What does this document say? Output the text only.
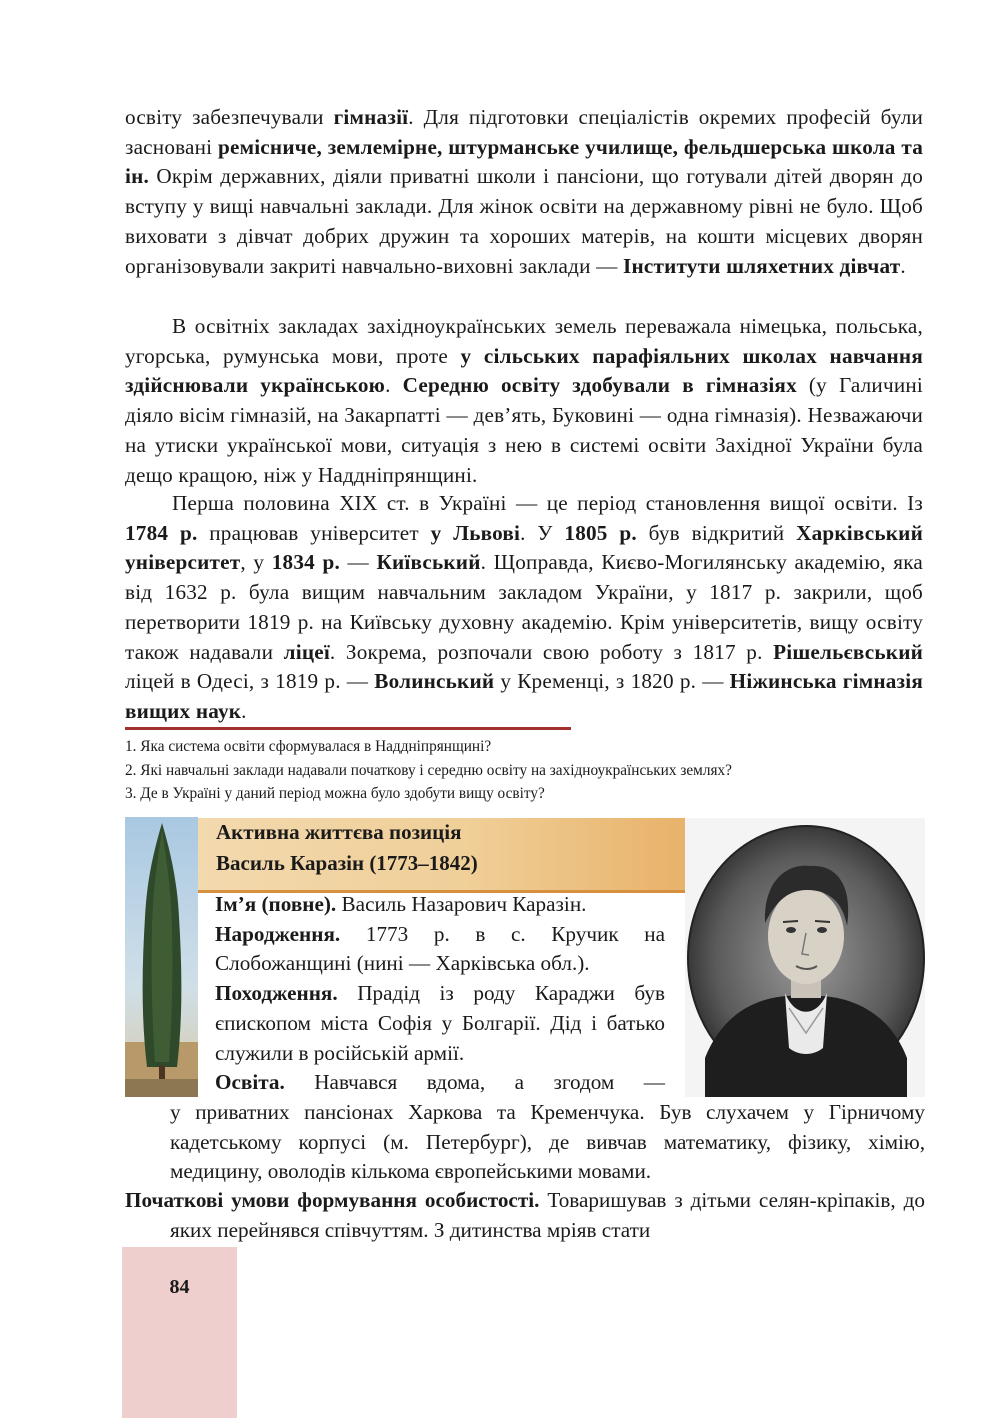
освіту забезпечували гімназії. Для підготовки спеціалістів окремих професій були засновані ремісниче, землемірне, штурманське училище, фельдшерська школа та ін. Окрім державних, діяли приватні школи і пансіони, що готували дітей дворян до вступу у вищі навчальні заклади. Для жінок освіти на державному рівні не було. Щоб виховати з дівчат добрих дружин та хороших матерів, на кошти місцевих дворян організовували закриті навчально-виховні заклади — Інститути шляхетних дівчат.

В освітніх закладах західноукраїнських земель переважала німецька, польська, угорська, румунська мови, проте у сільських парафіяльних школах навчання здійснювали українською. Середню освіту здобували в гімназіях (у Галичині діяло вісім гімназій, на Закарпатті — дев’ять, Буковині — одна гімназія). Незважаючи на утиски української мови, ситуація з нею в системі освіти Західної України була дещо кращою, ніж у Наддніпрянщині.

Перша половина ХІХ ст. в Україні — це період становлення вищої освіти. Із 1784 р. працював університет у Львові. У 1805 р. був відкритий Харківський університет, у 1834 р. — Київський. Щоправда, Києво-Могилянську академію, яка від 1632 р. була вищим навчальним закладом України, у 1817 р. закрили, щоб перетворити 1819 р. на Київську духовну академію. Крім університетів, вищу освіту також надавали ліцеї. Зокрема, розпочали свою роботу з 1817 р. Рішельєвський ліцей в Одесі, з 1819 р. — Волинський у Кременці, з 1820 р. — Ніжинська гімназія вищих наук.

1. Яка система освіти сформувалася в Наддніпрянщині?
2. Які навчальні заклади надавали початкову і середню освіту на західноукраїнських землях?
3. Де в Україні у даний період можна було здобути вищу освіту?
Активна життєва позиція
Василь Каразін (1773–1842)
Ім’я (повне). Василь Назарович Каразін.
Народження. 1773 р. в с. Кручик на Слобожанщині (нині — Харківська обл.).
Походження. Прадід із роду Караджи був єпископом міста Софія у Болгарії. Дід і батько служили в російській армії.
Освіта. Навчався вдома, а згодом —

у приватних пансіонах Харкова та Кременчука. Був слухачем у Гірничому кадетському корпусі (м. Петербург), де вивчав математику, фізику, хімію, медицину, оволодів кількома європейськими мовами.

Початкові умови формування особистості. Товаришував з дітьми селян-кріпаків, до яких перейнявся співчуттям. З дитинства мріяв стати

84
